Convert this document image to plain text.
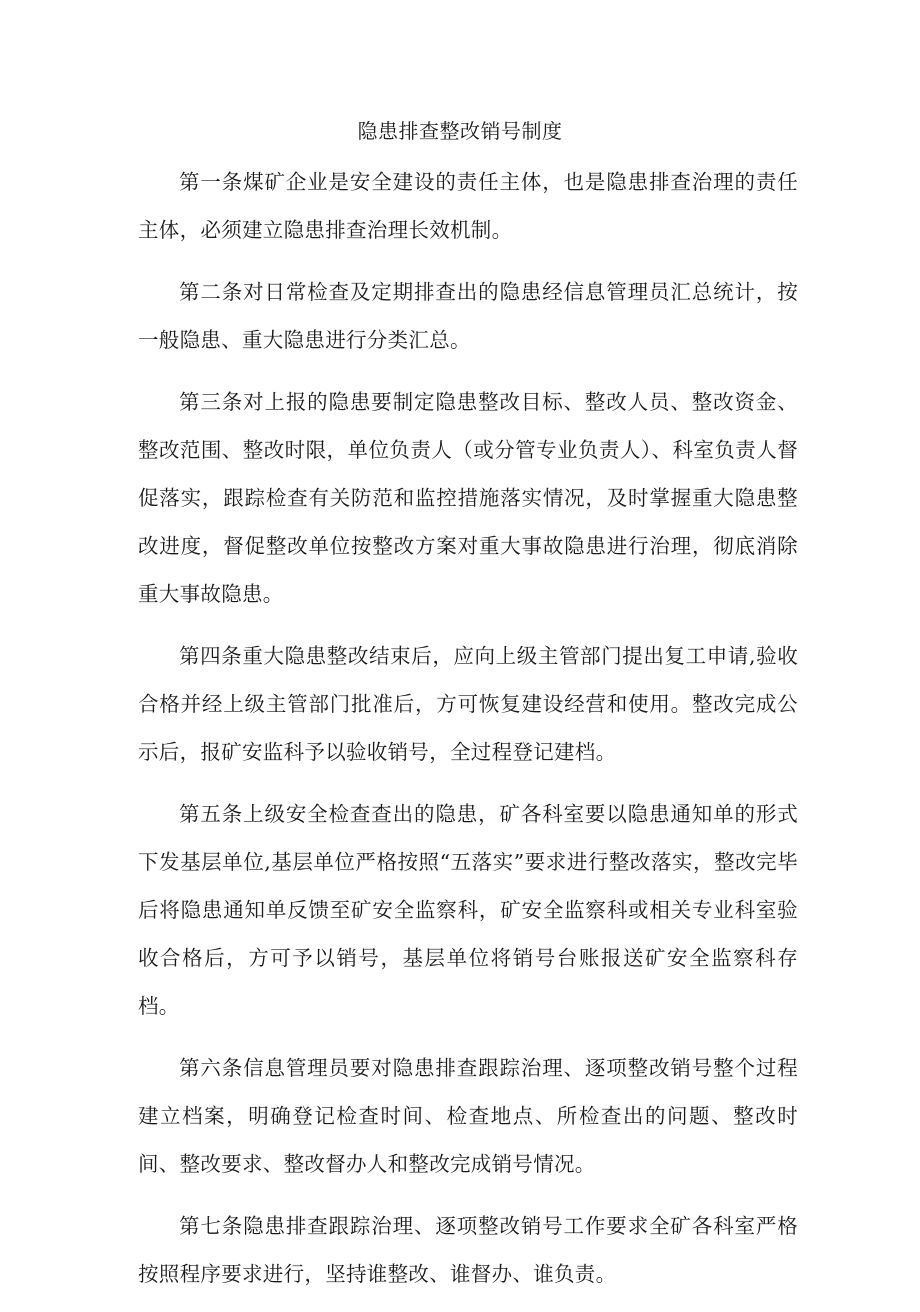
隐患排查整改销号制度

第一条煤矿企业是安全建设的责任主体，也是隐患排查治理的责任主体，必须建立隐患排查治理长效机制。

第二条对日常检查及定期排查出的隐患经信息管理员汇总统计，按一般隐患、重大隐患进行分类汇总。

第三条对上报的隐患要制定隐患整改目标、整改人员、整改资金、整改范围、整改时限，单位负责人（或分管专业负责人）、科室负责人督促落实，跟踪检查有关防范和监控措施落实情况，及时掌握重大隐患整改进度，督促整改单位按整改方案对重大事故隐患进行治理，彻底消除重大事故隐患。

第四条重大隐患整改结束后，应向上级主管部门提出复工申请,验收合格并经上级主管部门批准后，方可恢复建设经营和使用。整改完成公示后，报矿安监科予以验收销号，全过程登记建档。

第五条上级安全检查查出的隐患，矿各科室要以隐患通知单的形式下发基层单位,基层单位严格按照“五落实”要求进行整改落实，整改完毕后将隐患通知单反馈至矿安全监察科，矿安全监察科或相关专业科室验收合格后，方可予以销号，基层单位将销号台账报送矿安全监察科存档。

第六条信息管理员要对隐患排查跟踪治理、逐项整改销号整个过程建立档案，明确登记检查时间、检查地点、所检查出的问题、整改时间、整改要求、整改督办人和整改完成销号情况。

第七条隐患排查跟踪治理、逐项整改销号工作要求全矿各科室严格按照程序要求进行，坚持谁整改、谁督办、谁负责。
